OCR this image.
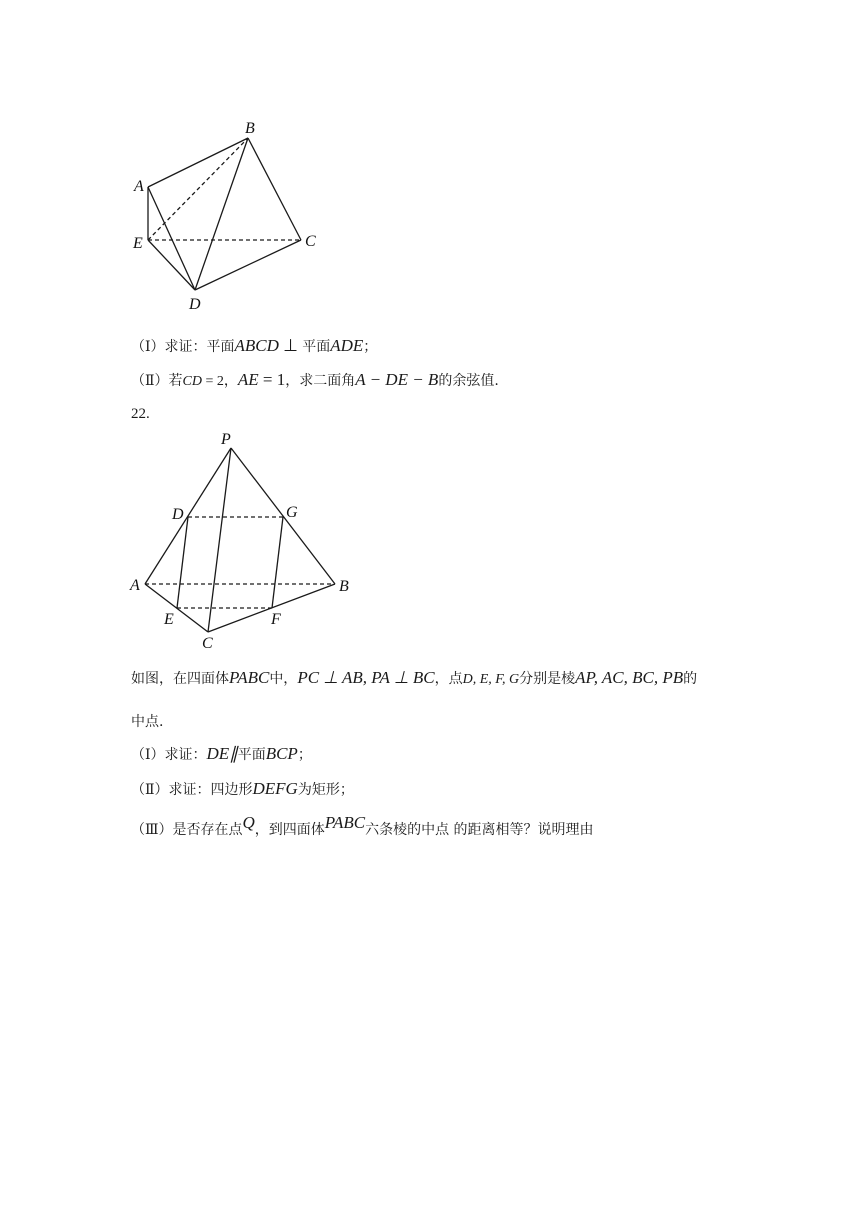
B
A
E	C
D
（Ⅰ）求证：平面ABCD ⊥ 平面ADE；
（Ⅱ）若CD = 2，AE = 1，求二面角A − DE − B的余弦值.
22.
P
D	G
A	B
E	F
C
如图，在四面体PABC中，PC ⊥ AB, PA ⊥ BC，点D, E, F, G分别是棱AP, AC, BC, PB的
中点.
（Ⅰ）求证：DE∥平面BCP；
（Ⅱ）求证：四边形DEFG为矩形；
（Ⅲ）是否存在点Q，到四面体PABC六条棱的中点 的距离相等？说明理由
